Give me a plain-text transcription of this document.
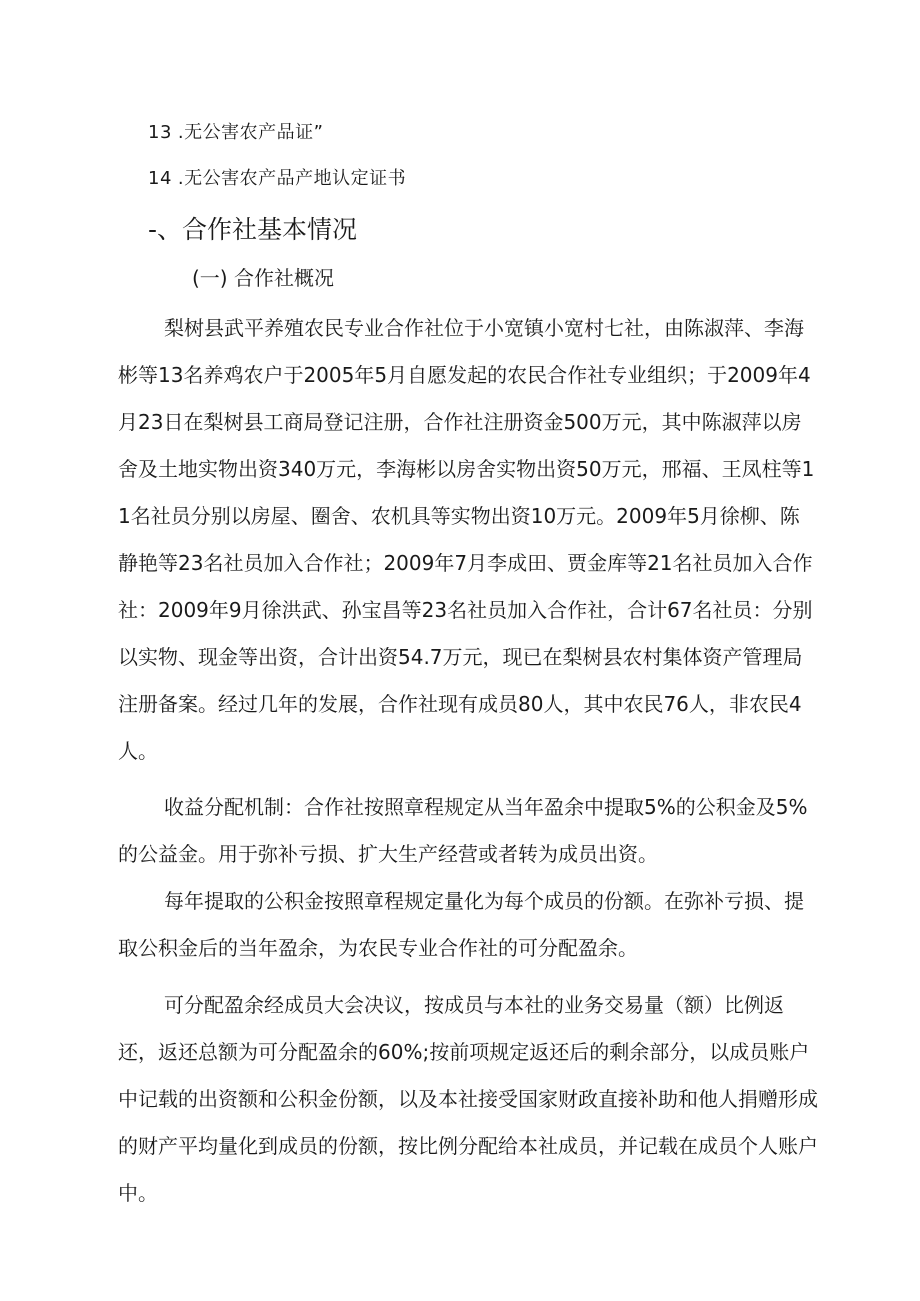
13 .无公害农产品证”
14 .无公害农产品产地认定证书
-、合作社基本情况
(一) 合作社概况

梨树县武平养殖农民专业合作社位于小宽镇小宽村七社，由陈淑萍、李海彬等13名养鸡农户于2005年5月自愿发起的农民合作社专业组织；于2009年4月23日在梨树县工商局登记注册，合作社注册资金500万元，其中陈淑萍以房舍及土地实物出资340万元，李海彬以房舍实物出资50万元，邢福、王凤柱等11名社员分别以房屋、圈舍、农机具等实物出资10万元。2009年5月徐柳、陈静艳等23名社员加入合作社；2009年7月李成田、贾金库等21名社员加入合作社：2009年9月徐洪武、孙宝昌等23名社员加入合作社，合计67名社员：分别以实物、现金等出资，合计出资54.7万元，现已在梨树县农村集体资产管理局注册备案。经过几年的发展，合作社现有成员80人，其中农民76人，非农民4人。

收益分配机制：合作社按照章程规定从当年盈余中提取5%的公积金及5%的公益金。用于弥补亏损、扩大生产经营或者转为成员出资。

每年提取的公积金按照章程规定量化为每个成员的份额。在弥补亏损、提取公积金后的当年盈余，为农民专业合作社的可分配盈余。

可分配盈余经成员大会决议，按成员与本社的业务交易量（额）比例返还，返还总额为可分配盈余的60%;按前项规定返还后的剩余部分，以成员账户中记载的出资额和公积金份额，以及本社接受国家财政直接补助和他人捐赠形成的财产平均量化到成员的份额，按比例分配给本社成员，并记载在成员个人账户中。
